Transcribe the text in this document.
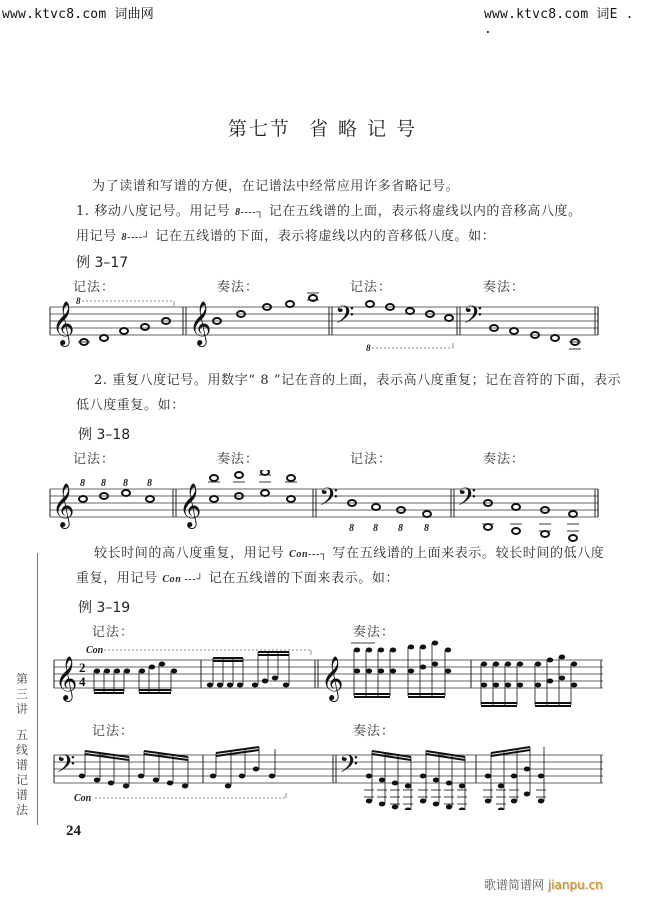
www.ktvc8.com 词曲网	www.ktvc8.com 词E . .
第七节 省 略 记 号
为了读谱和写谱的方便，在记谱法中经常应用许多省略记号。
1. 移动八度记号。用记号 8----┐ 记在五线谱的上面，表示将虚线以内的音移高八度。
用记号 8----┘ 记在五线谱的下面，表示将虚线以内的音移低八度。如：
例 3–17
记法：	奏法：	记法：	奏法：
𝄞	𝄞	𝄢	𝄢
8
8
2. 重复八度记号。用数字“ 8 ”记在音的上面，表示高八度重复；记在音符的下面，表示
低八度重复。如：
例 3–18
记法：	奏法：	记法：	奏法：
𝄞	𝄞	𝄢	𝄢
8 8 8 8
8 8 8 8
较长时间的高八度重复，用记号 Con---┐ 写在五线谱的上面来表示。较长时间的低八度
重复，用记号 Con ---┘ 记在五线谱的下面来表示。如：
例 3–19
记法：	奏法：
𝄞	𝄞
2
4
Con
记法：	奏法：
𝄢	𝄢
Con
第
三
讲
五
线
谱
记
谱
法
24
歌谱简谱网 jianpu.cn
